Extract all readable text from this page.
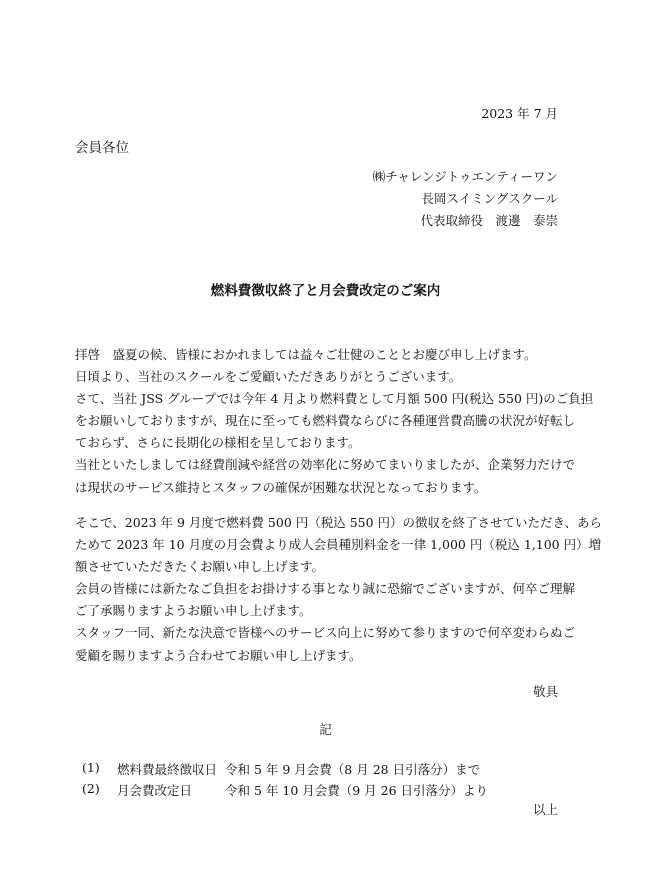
2023 年 7 月
会員各位
㈱チャレンジトゥエンティーワン
長岡スイミングスクール
代表取締役　渡邊　泰崇
燃料費徴収終了と月会費改定のご案内
拝啓　盛夏の候、皆様におかれましては益々ご壮健のこととお慶び申し上げます。
日頃より、当社のスクールをご愛顧いただきありがとうございます。
さて、当社 JSS グループでは今年 4 月より燃料費として月額 500 円(税込 550 円)のご負担
をお願いしておりますが、現在に至っても燃料費ならびに各種運営費高騰の状況が好転し
ておらず、さらに長期化の様相を呈しております。
当社といたしましては経費削減や経営の効率化に努めてまいりましたが、企業努力だけで
は現状のサービス維持とスタッフの確保が困難な状況となっております。
そこで、2023 年 9 月度で燃料費 500 円（税込 550 円）の徴収を終了させていただき、あら
ためて 2023 年 10 月度の月会費より成人会員種別料金を一律 1,000 円（税込 1,100 円）増
額させていただきたくお願い申し上げます。
会員の皆様には新たなご負担をお掛けする事となり誠に恐縮でございますが、何卒ご理解
ご了承賜りますようお願い申し上げます。
スタッフ一同、新たな決意で皆様へのサービス向上に努めて参りますので何卒変わらぬご
愛顧を賜りますよう合わせてお願い申し上げます。
敬具
記
(1) 燃料費最終徴収日 令和 5 年 9 月会費（8 月 28 日引落分）まで
(2) 月会費改定日	令和 5 年 10 月会費（9 月 26 日引落分）より
以上
